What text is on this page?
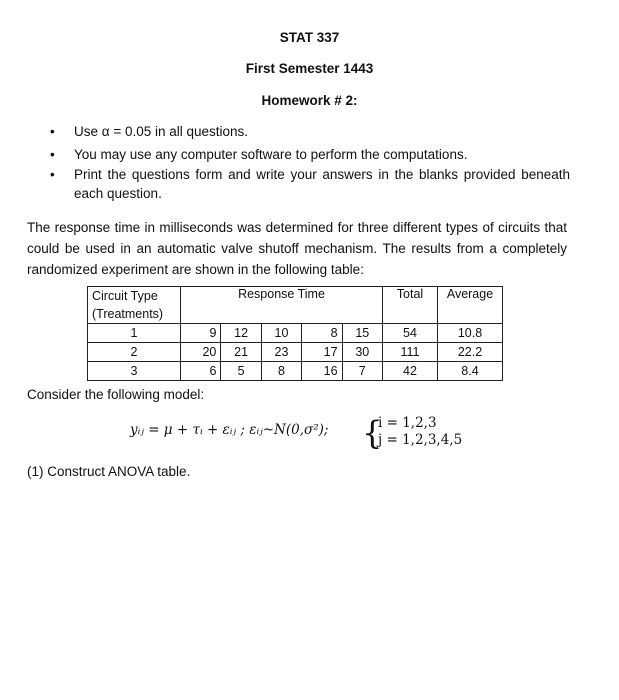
STAT 337
First Semester 1443
Homework # 2:
• Use α = 0.05 in all questions.
• You may use any computer software to perform the computations.
• Print the questions form and write your answers in the blanks provided beneath each question.
The response time in milliseconds was determined for three different types of circuits that could be used in an automatic valve shutoff mechanism. The results from a completely randomized experiment are shown in the following table:
Circuit Type
(Treatments)	Response Time					Total	Average
1	9	12	10	8	15	54	10.8
2	20	21	23	17	30	111	22.2
3	6	5	8	16	7	42	8.4
Consider the following model:
yᵢⱼ = μ + τᵢ + εᵢⱼ ; εᵢⱼ~N(0,σ²); {
i = 1,2,3
j = 1,2,3,4,5
(1) Construct ANOVA table.
